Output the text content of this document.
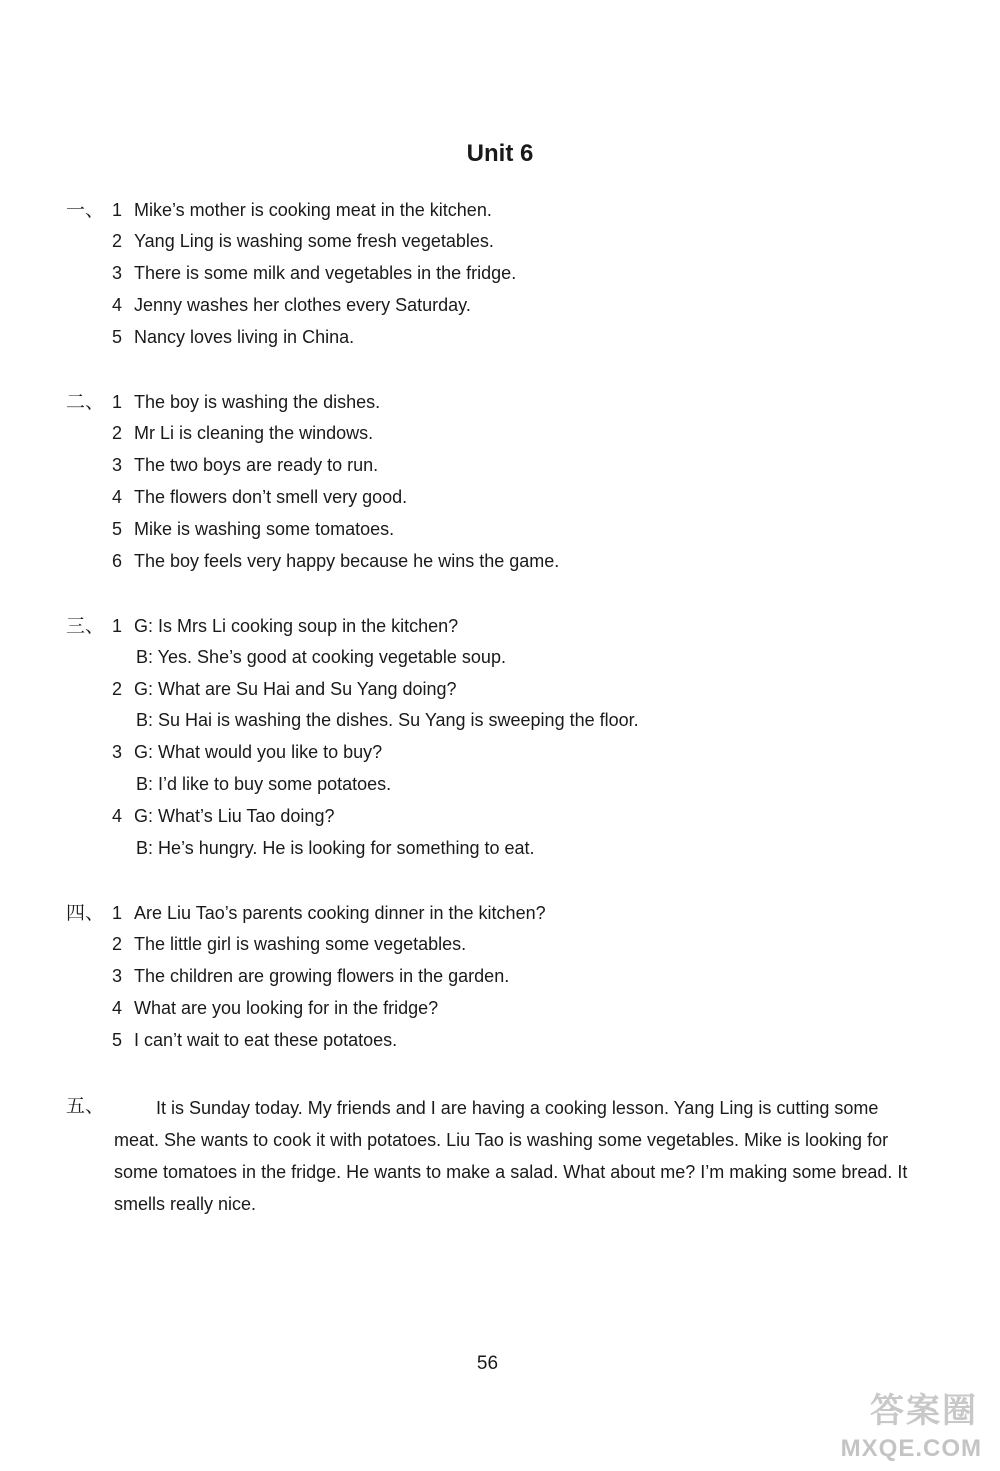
Unit 6
一、 1 Mike’s mother is cooking meat in the kitchen.
2 Yang Ling is washing some fresh vegetables.
3 There is some milk and vegetables in the fridge.
4 Jenny washes her clothes every Saturday.
5 Nancy loves living in China.
二、 1 The boy is washing the dishes.
2 Mr Li is cleaning the windows.
3 The two boys are ready to run.
4 The flowers don’t smell very good.
5 Mike is washing some tomatoes.
6 The boy feels very happy because he wins the game.
三、 1 G: Is Mrs Li cooking soup in the kitchen?
B: Yes. She’s good at cooking vegetable soup.
2 G: What are Su Hai and Su Yang doing?
B: Su Hai is washing the dishes. Su Yang is sweeping the floor.
3 G: What would you like to buy?
B: I’d like to buy some potatoes.
4 G: What’s Liu Tao doing?
B: He’s hungry. He is looking for something to eat.
四、 1 Are Liu Tao’s parents cooking dinner in the kitchen?
2 The little girl is washing some vegetables.
3 The children are growing flowers in the garden.
4 What are you looking for in the fridge?
5 I can’t wait to eat these potatoes.
五、	It is Sunday today. My friends and I are having a cooking lesson. Yang Ling is cutting some meat. She wants to cook it with potatoes. Liu Tao is washing some vegetables. Mike is looking for some tomatoes in the fridge. He wants to make a salad. What about me? I’m making some bread. It smells really nice.

56
答案圈
MXQE.COM
